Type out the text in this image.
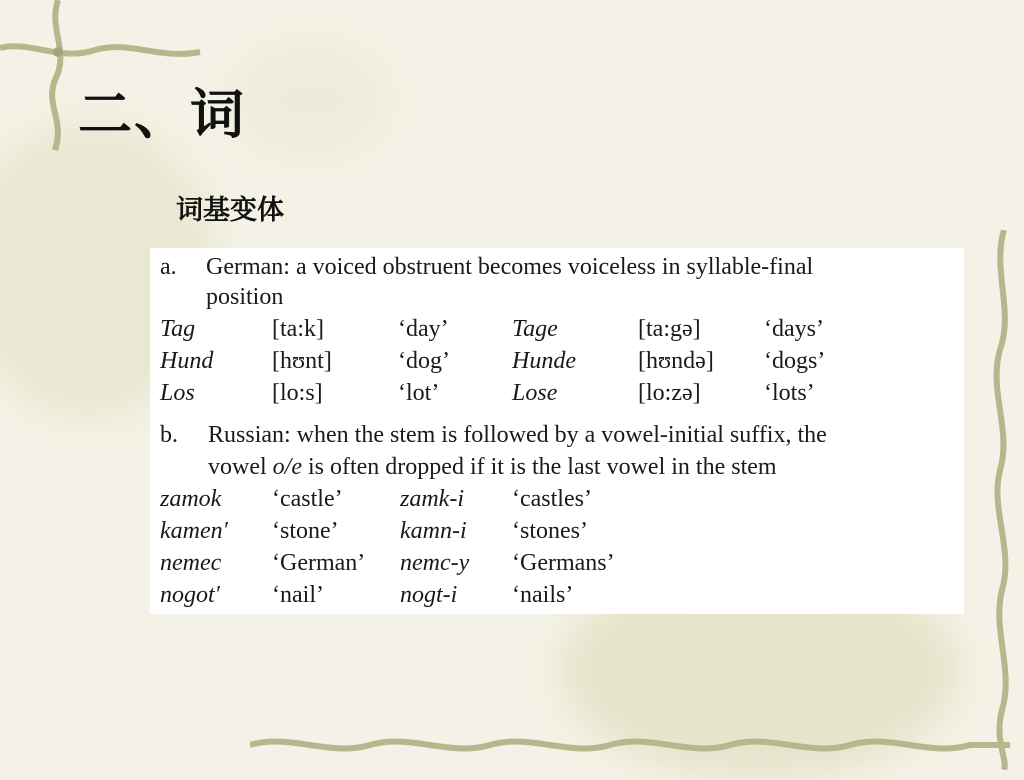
二、词
词基变体
a. German: a voiced obstruent becomes voiceless in syllable-final
position
Tag	[ta:k]	‘day’	Tage	[ta:gə]	‘days’
Hund [hʊnt]	‘dog’	Hunde	[hʊndə] ‘dogs’
Los	[lo:s]	‘lot’	Lose	[lo:zə]	‘lots’
b. Russian: when the stem is followed by a vowel-initial suffix, the
vowel o/e is often dropped if it is the last vowel in the stem
zamok ‘castle’ zamk-i ‘castles’
kamen′ ‘stone’	kamn-i ‘stones’
nemec ‘German’ nemc-y ‘Germans’
nogot′ ‘nail’	nogt-i ‘nails’
